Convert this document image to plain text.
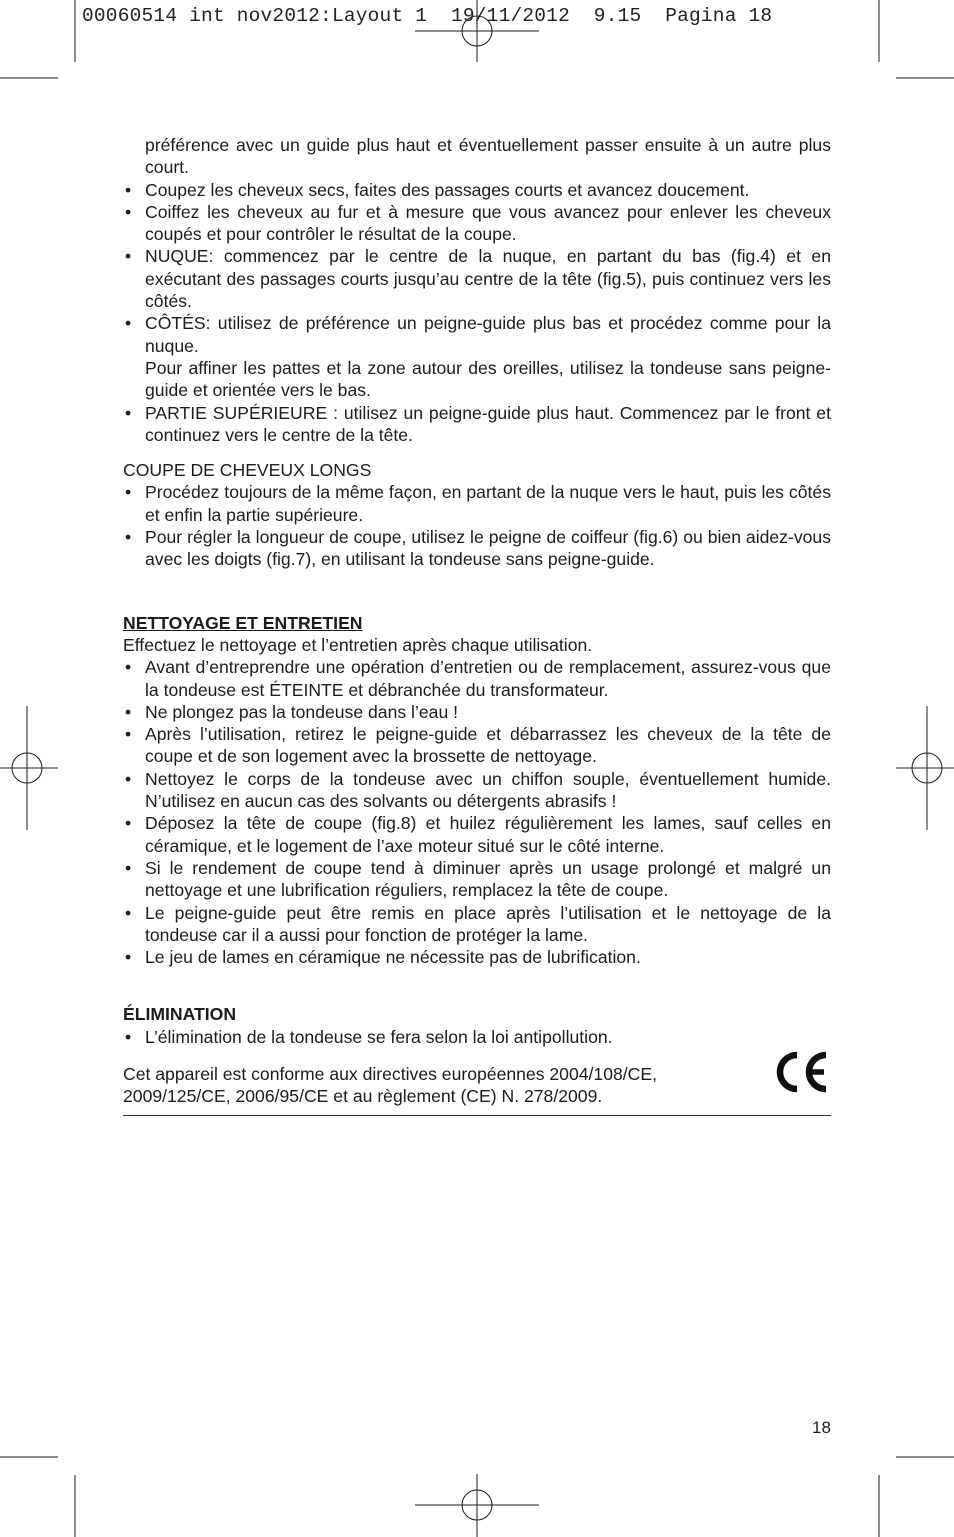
00060514 int nov2012:Layout 1  19/11/2012  9.15  Pagina 18

préférence avec un guide plus haut et éventuellement passer ensuite à un autre plus court.

• Coupez les cheveux secs, faites des passages courts et avancez doucement.
• Coiffez les cheveux au fur et à mesure que vous avancez pour enlever les cheveux coupés et pour contrôler le résultat de la coupe.
• NUQUE: commencez par le centre de la nuque, en partant du bas (fig.4) et en exécutant des passages courts jusqu’au centre de la tête (fig.5), puis continuez vers les côtés.
• CÔTÉS: utilisez de préférence un peigne-guide plus bas et procédez comme pour la nuque.
Pour affiner les pattes et la zone autour des oreilles, utilisez la tondeuse sans peigne-guide et orientée vers le bas.
• PARTIE SUPÉRIEURE : utilisez un peigne-guide plus haut. Commencez par le front et continuez vers le centre de la tête.

COUPE DE CHEVEUX LONGS

• Procédez toujours de la même façon, en partant de la nuque vers le haut, puis les côtés et enfin la partie supérieure.
• Pour régler la longueur de coupe, utilisez le peigne de coiffeur (fig.6) ou bien aidez-vous avec les doigts (fig.7), en utilisant la tondeuse sans peigne-guide.

NETTOYAGE ET ENTRETIEN

Effectuez le nettoyage et l’entretien après chaque utilisation.

• Avant d’entreprendre une opération d’entretien ou de remplacement, assurez-vous que la tondeuse est ÉTEINTE et débranchée du transformateur.
• Ne plongez pas la tondeuse dans l’eau !
• Après l’utilisation, retirez le peigne-guide et débarrassez les cheveux de la tête de coupe et de son logement avec la brossette de nettoyage.
• Nettoyez le corps de la tondeuse avec un chiffon souple, éventuellement humide. N’utilisez en aucun cas des solvants ou détergents abrasifs !
• Déposez la tête de coupe (fig.8) et huilez régulièrement les lames, sauf celles en céramique, et le logement de l’axe moteur situé sur le côté interne.
• Si le rendement de coupe tend à diminuer après un usage prolongé et malgré un nettoyage et une lubrification réguliers, remplacez la tête de coupe.
• Le peigne-guide peut être remis en place après l’utilisation et le nettoyage de la tondeuse car il a aussi pour fonction de protéger la lame.
• Le jeu de lames en céramique ne nécessite pas de lubrification.

ÉLIMINATION

• L’élimination de la tondeuse se fera selon la loi antipollution.
Cet appareil est conforme aux directives européennes 2004/108/CE,
2009/125/CE, 2006/95/CE et au règlement (CE) N. 278/2009.
18
